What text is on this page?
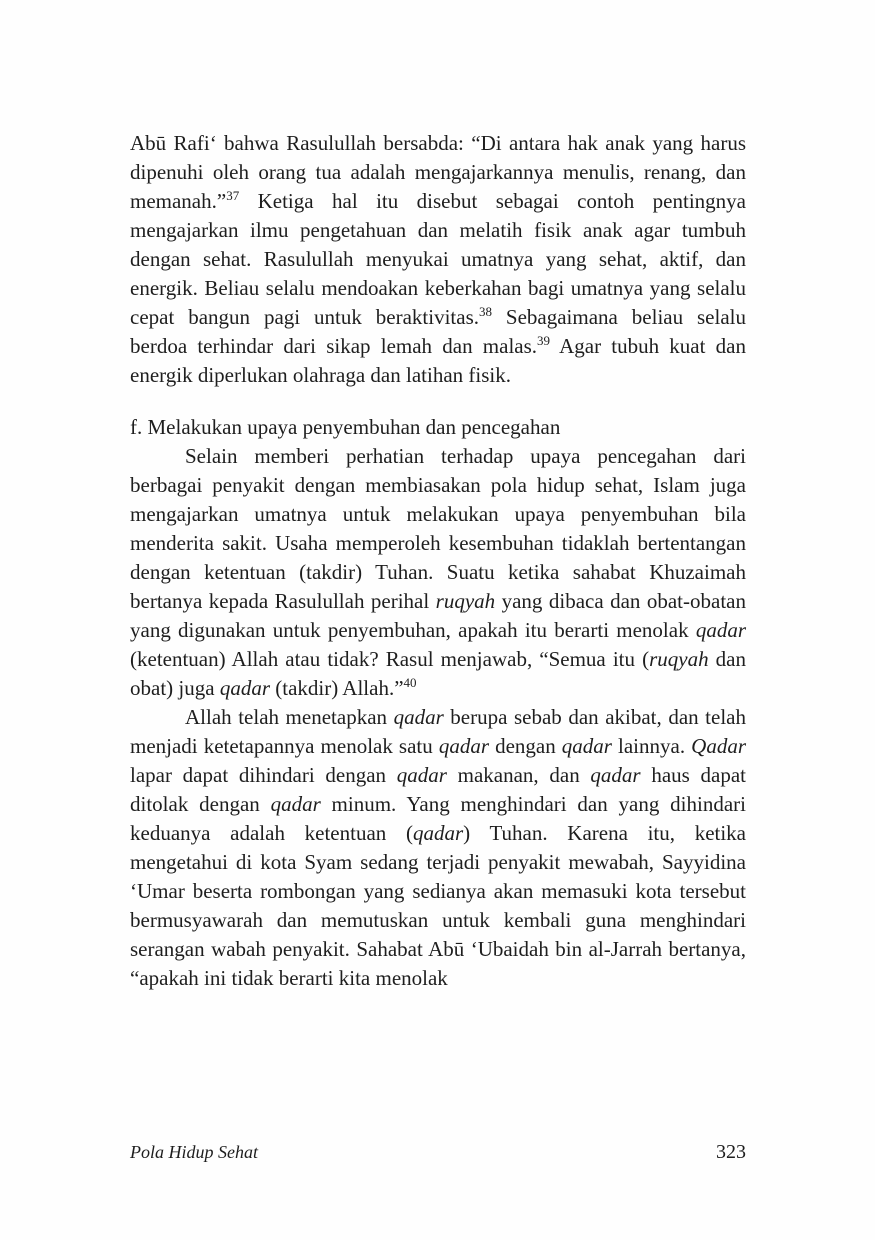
Abū Rafi‘ bahwa Rasulullah bersabda: “Di antara hak anak yang harus dipenuhi oleh orang tua adalah mengajarkannya menulis, renang, dan memanah.”$^{37}$ Ketiga hal itu disebut sebagai contoh pentingnya mengajarkan ilmu pengetahuan dan melatih fisik anak agar tumbuh dengan sehat. Rasulullah menyukai umatnya yang sehat, aktif, dan energik. Beliau selalu mendoakan keberkahan bagi umatnya yang selalu cepat bangun pagi untuk beraktivitas.$^{38}$ Sebagaimana beliau selalu berdoa terhindar dari sikap lemah dan malas.$^{39}$ Agar tubuh kuat dan energik diperlukan olahraga dan latihan fisik.

f. Melakukan upaya penyembuhan dan pencegahan

Selain memberi perhatian terhadap upaya pencegahan dari berbagai penyakit dengan membiasakan pola hidup sehat, Islam juga mengajarkan umatnya untuk melakukan upaya penyembuhan bila menderita sakit. Usaha memperoleh kesembuhan tidaklah bertentangan dengan ketentuan (takdir) Tuhan. Suatu ketika sahabat Khuzaimah bertanya kepada Rasulullah perihal ruqyah yang dibaca dan obat-obatan yang digunakan untuk penyembuhan, apakah itu berarti menolak qadar (ketentuan) Allah atau tidak? Rasul menjawab, “Semua itu (ruqyah dan obat) juga qadar (takdir) Allah.”$^{40}$

Allah telah menetapkan qadar berupa sebab dan akibat, dan telah menjadi ketetapannya menolak satu qadar dengan qadar lainnya. Qadar lapar dapat dihindari dengan qadar makanan, dan qadar haus dapat ditolak dengan qadar minum. Yang menghindari dan yang dihindari keduanya adalah ketentuan (qadar) Tuhan. Karena itu, ketika mengetahui di kota Syam sedang terjadi penyakit mewabah, Sayyidina ‘Umar beserta rombongan yang sedianya akan memasuki kota tersebut bermusyawarah dan memutuskan untuk kembali guna menghindari serangan wabah penyakit. Sahabat Abū ‘Ubaidah bin al-Jarrah bertanya, “apakah ini tidak berarti kita menolak

Pola Hidup Sehat	323
